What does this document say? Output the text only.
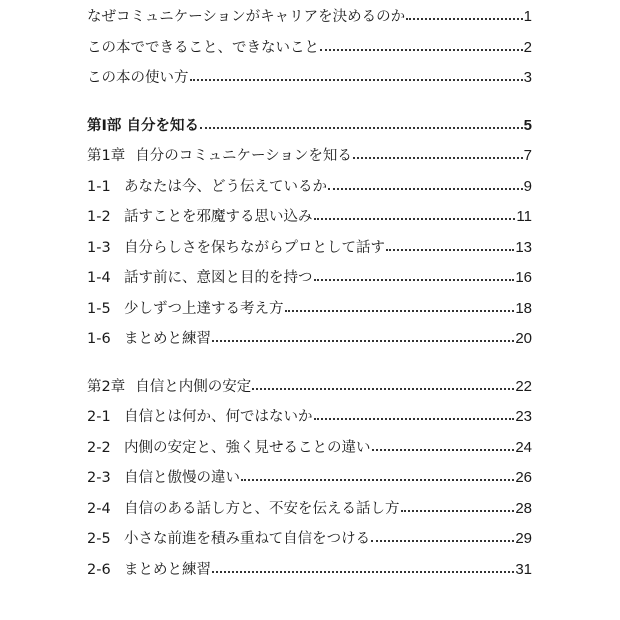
なぜコミュニケーションがキャリアを決めるのか	1
この本でできること、できないこと	2
この本の使い方	3
第Ⅰ部 自分を知る	5
第1章 自分のコミュニケーションを知る	7
1-1 あなたは今、どう伝えているか	9
1-2 話すことを邪魔する思い込み	11
1-3 自分らしさを保ちながらプロとして話す	13
1-4 話す前に、意図と目的を持つ	16
1-5 少しずつ上達する考え方	18
1-6 まとめと練習	20
第2章 自信と内側の安定	22
2-1 自信とは何か、何ではないか	23
2-2 内側の安定と、強く見せることの違い	24
2-3 自信と傲慢の違い	26
2-4 自信のある話し方と、不安を伝える話し方	28
2-5 小さな前進を積み重ねて自信をつける	29
2-6 まとめと練習	31
